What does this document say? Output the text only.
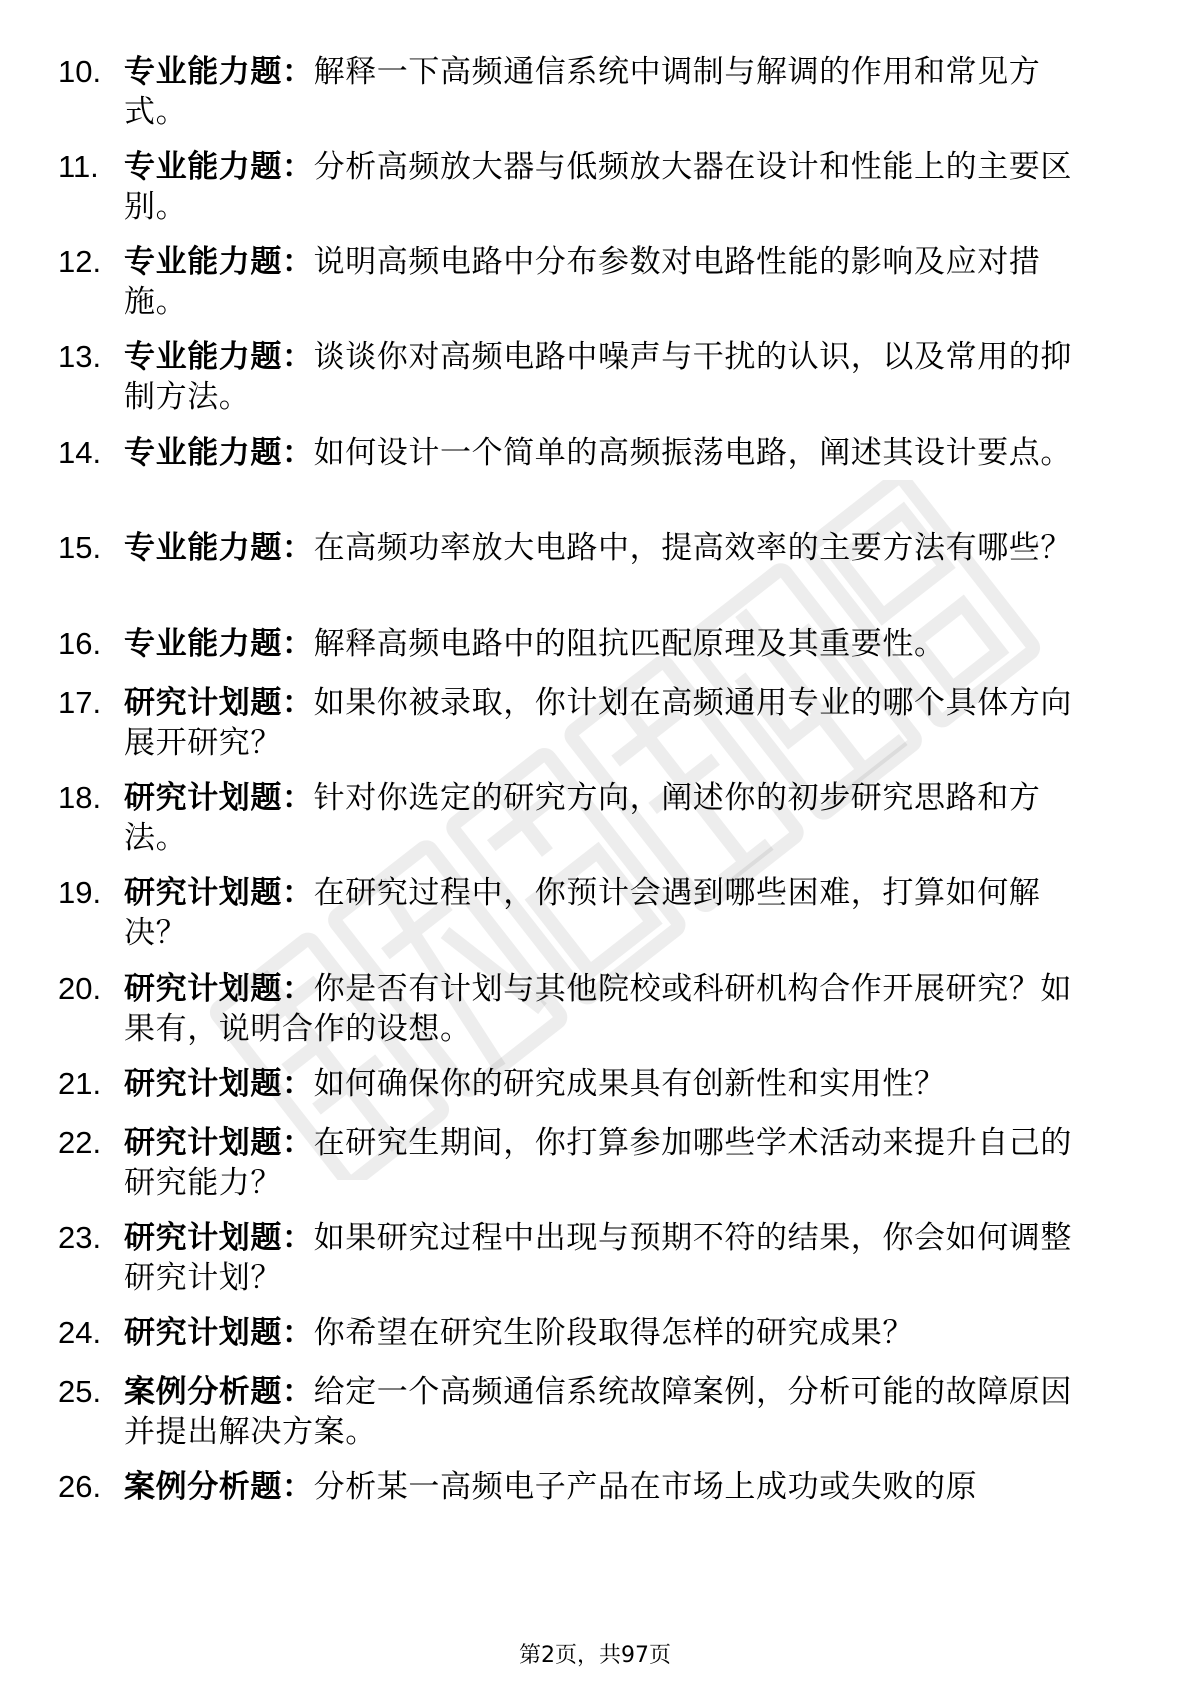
10. 专业能力题：解释一下高频通信系统中调制与解调的作用和常见方式。
11. 专业能力题：分析高频放大器与低频放大器在设计和性能上的主要区别。
12. 专业能力题：说明高频电路中分布参数对电路性能的影响及应对措施。
13. 专业能力题：谈谈你对高频电路中噪声与干扰的认识，以及常用的抑制方法。
14. 专业能力题：如何设计一个简单的高频振荡电路，阐述其设计要点。
15. 专业能力题：在高频功率放大电路中，提高效率的主要方法有哪些？
16. 专业能力题：解释高频电路中的阻抗匹配原理及其重要性。
17. 研究计划题：如果你被录取，你计划在高频通用专业的哪个具体方向展开研究？
18. 研究计划题：针对你选定的研究方向，阐述你的初步研究思路和方法。
19. 研究计划题：在研究过程中，你预计会遇到哪些困难，打算如何解决？
20. 研究计划题：你是否有计划与其他院校或科研机构合作开展研究？如果有，说明合作的设想。
21. 研究计划题：如何确保你的研究成果具有创新性和实用性？
22. 研究计划题：在研究生期间，你打算参加哪些学术活动来提升自己的研究能力？
23. 研究计划题：如果研究过程中出现与预期不符的结果，你会如何调整研究计划？
24. 研究计划题：你希望在研究生阶段取得怎样的研究成果？
25. 案例分析题：给定一个高频通信系统故障案例，分析可能的故障原因并提出解决方案。
26. 案例分析题：分析某一高频电子产品在市场上成功或失败的原
第2页，共97页
